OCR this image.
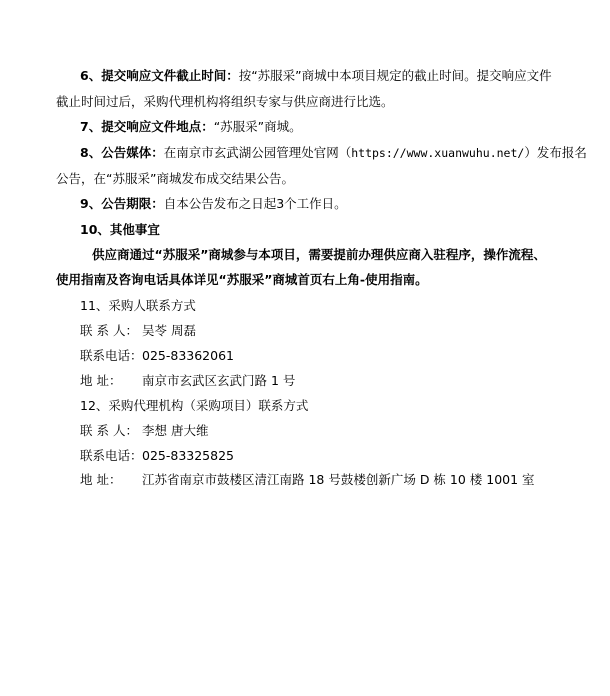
6、提交响应文件截止时间：按“苏服采”商城中本项目规定的截止时间。提交响应文件
截止时间过后，采购代理机构将组织专家与供应商进行比选。
7、提交响应文件地点：“苏服采”商城。
8、公告媒体：在南京市玄武湖公园管理处官网（https://www.xuanwuhu.net/）发布报名
公告，在“苏服采”商城发布成交结果公告。
9、公告期限：自本公告发布之日起3个工作日。
10、其他事宜
供应商通过“苏服采”商城参与本项目，需要提前办理供应商入驻程序，操作流程、
使用指南及咨询电话具体详见“苏服采”商城首页右上角-使用指南。
11、采购人联系方式
联 系 人： 吴苓 周磊
联系电话：025-83362061
地 址： 南京市玄武区玄武门路 1 号
12、采购代理机构（采购项目）联系方式
联 系 人： 李想 唐大维
联系电话：025-83325825
地 址： 江苏省南京市鼓楼区清江南路 18 号鼓楼创新广场 D 栋 10 楼 1001 室
